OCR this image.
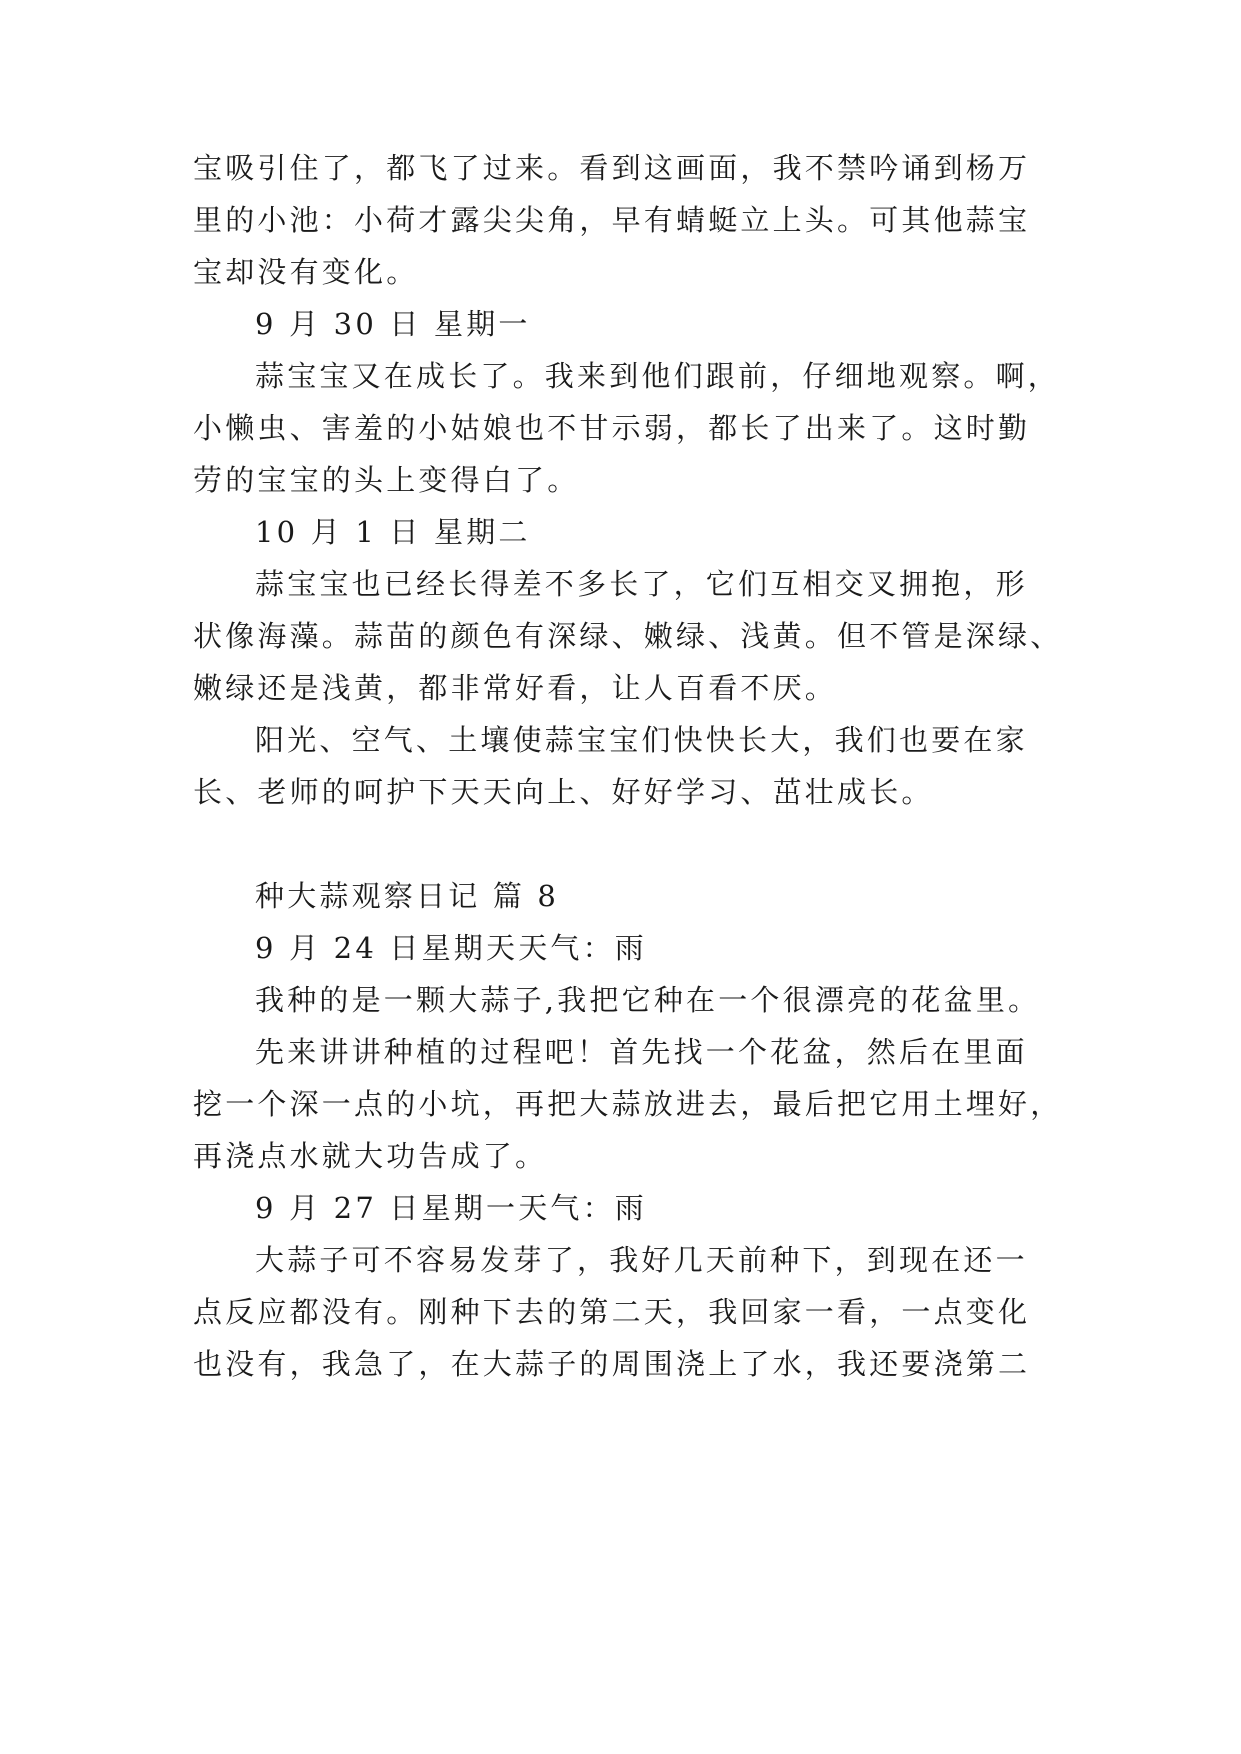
宝吸引住了，都飞了过来。看到这画面，我不禁吟诵到杨万
里的小池：小荷才露尖尖角，早有蜻蜓立上头。可其他蒜宝
宝却没有变化。
9 月 30 日 星期一
蒜宝宝又在成长了。我来到他们跟前，仔细地观察。啊，
小懒虫、害羞的小姑娘也不甘示弱，都长了出来了。这时勤
劳的宝宝的头上变得白了。
10 月 1 日 星期二
蒜宝宝也已经长得差不多长了，它们互相交叉拥抱，形
状像海藻。蒜苗的颜色有深绿、嫩绿、浅黄。但不管是深绿、
嫩绿还是浅黄，都非常好看，让人百看不厌。
阳光、空气、土壤使蒜宝宝们快快长大，我们也要在家
长、老师的呵护下天天向上、好好学习、茁壮成长。
种大蒜观察日记 篇 8
9 月 24 日星期天天气：雨
我种的是一颗大蒜子,我把它种在一个很漂亮的花盆里。
先来讲讲种植的过程吧！首先找一个花盆，然后在里面
挖一个深一点的小坑，再把大蒜放进去，最后把它用土埋好，
再浇点水就大功告成了。
9 月 27 日星期一天气：雨
大蒜子可不容易发芽了，我好几天前种下，到现在还一
点反应都没有。刚种下去的第二天，我回家一看，一点变化
也没有，我急了，在大蒜子的周围浇上了水，我还要浇第二
